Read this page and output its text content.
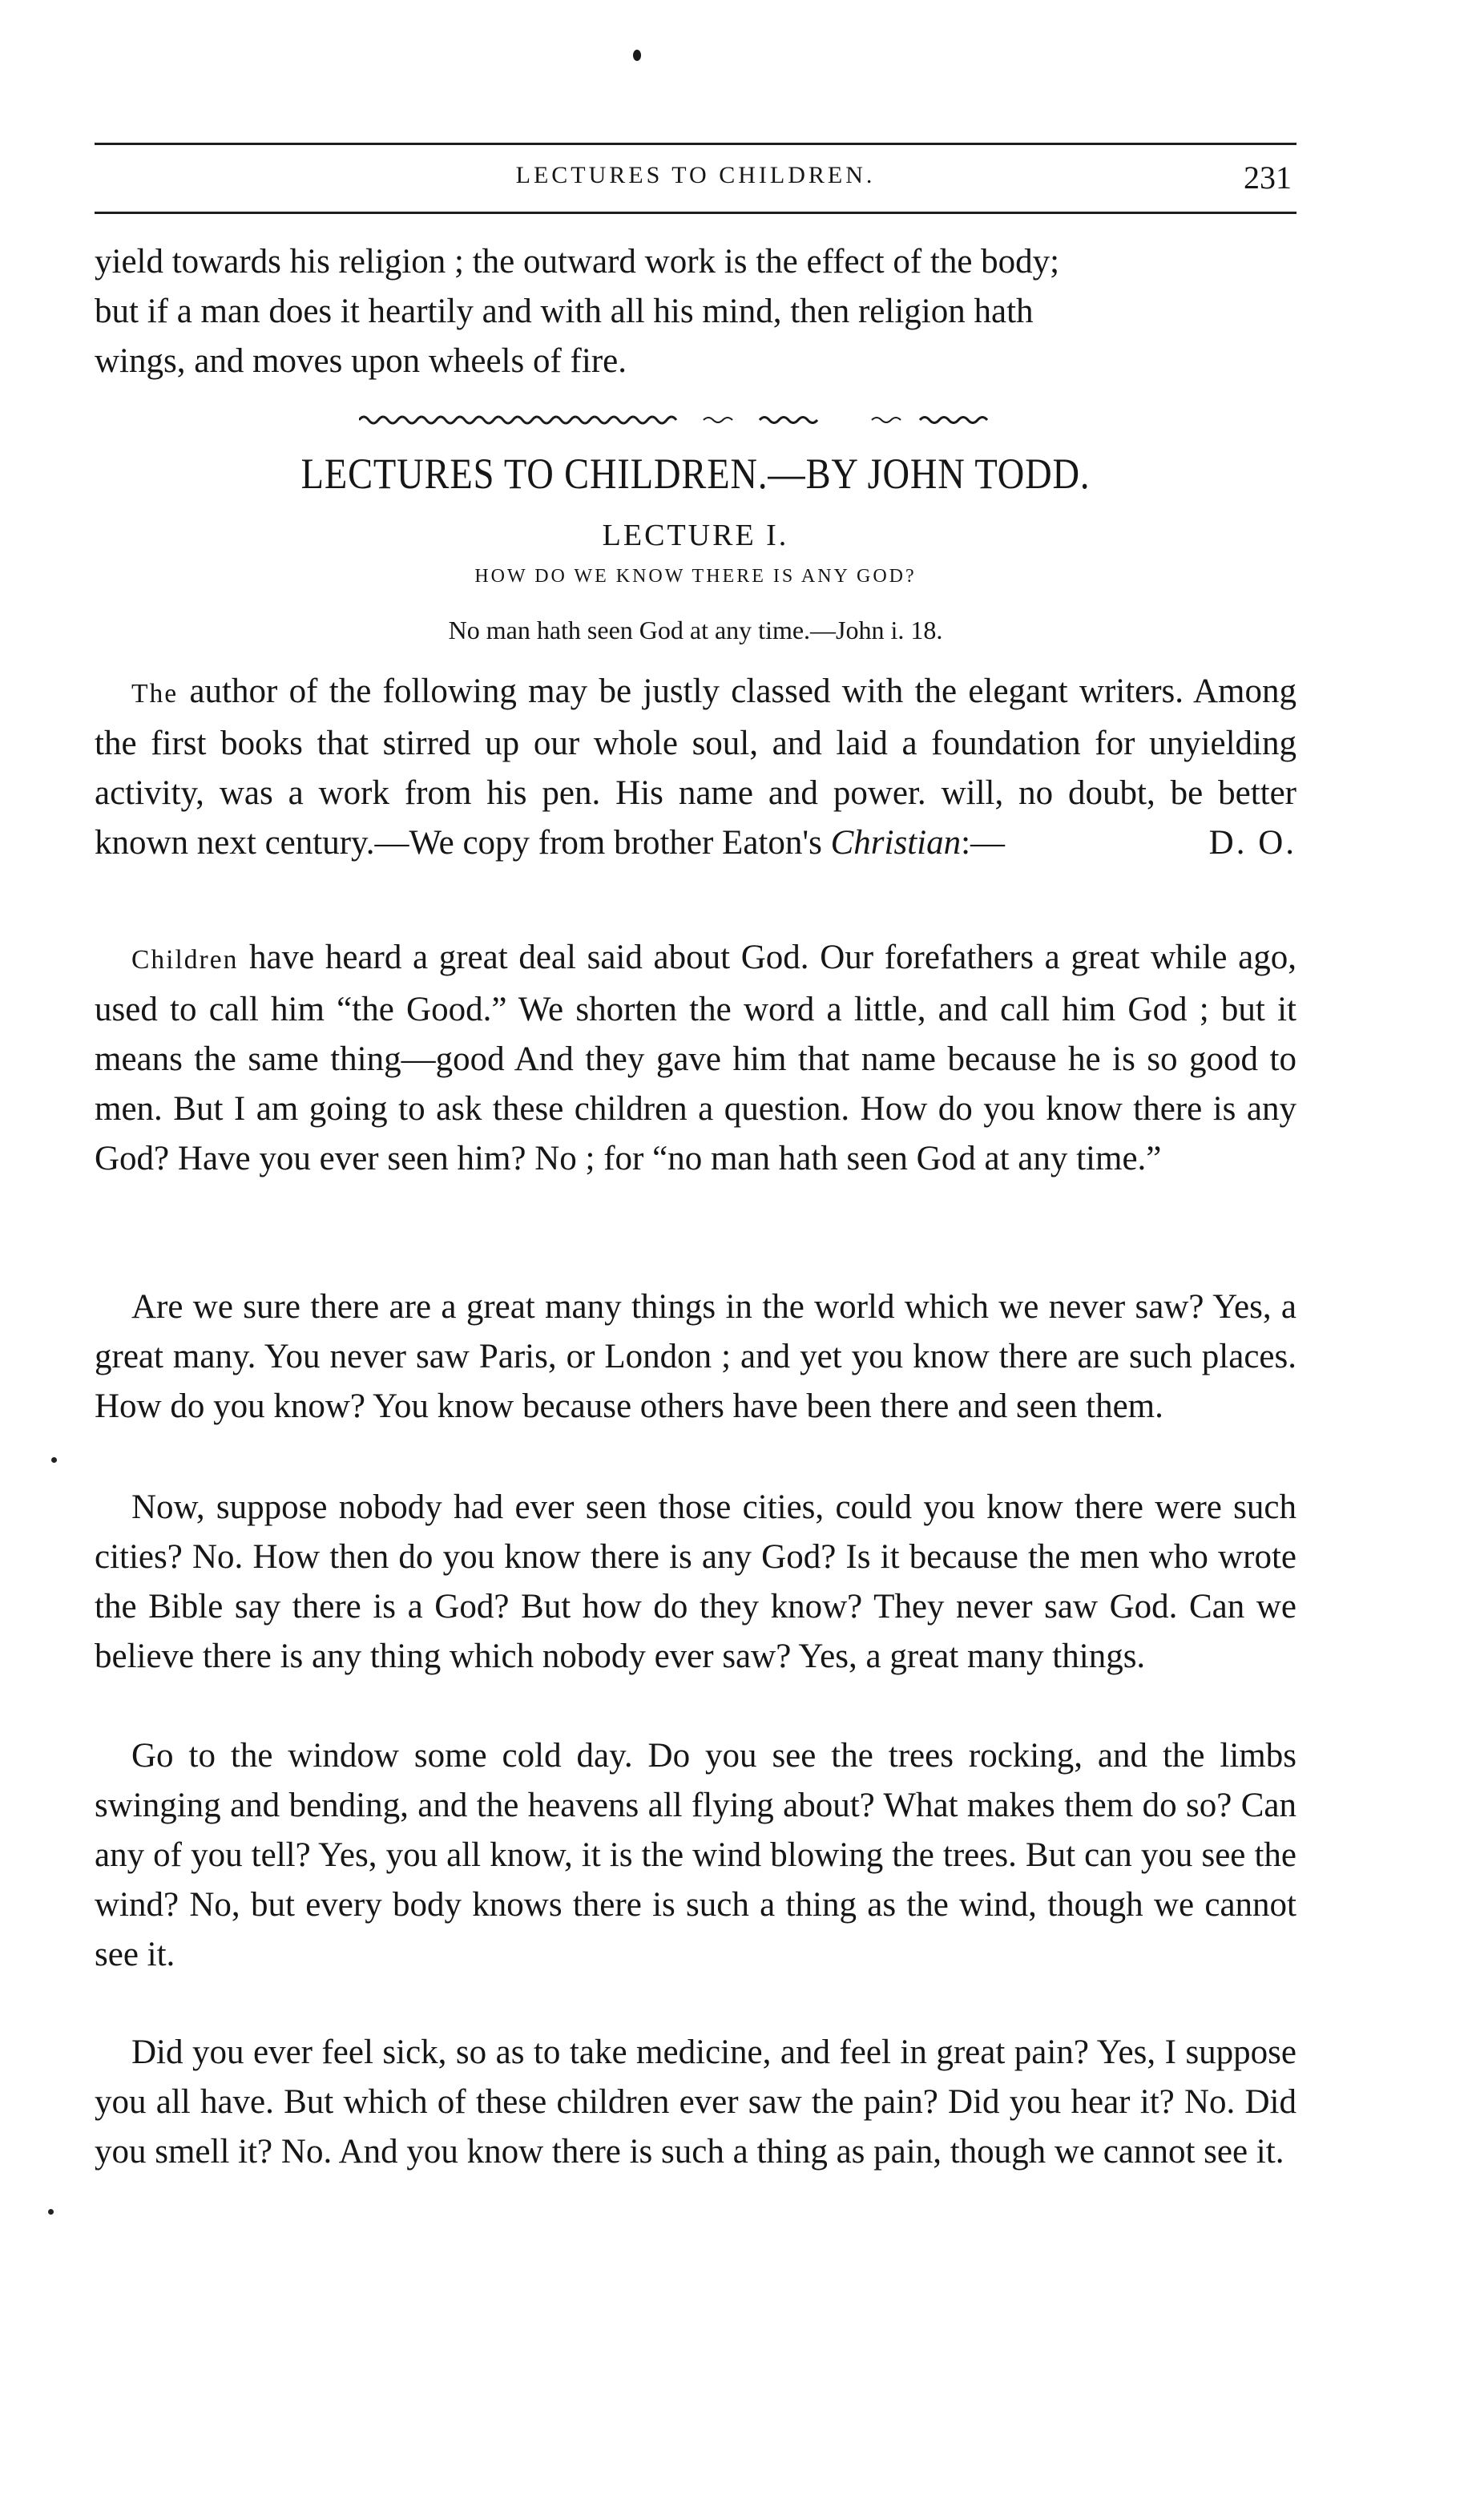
LECTURES TO CHILDREN.	231
yield towards his religion ; the outward work is the effect of the body;
but if a man does it heartily and with all his mind, then religion hath
wings, and moves upon wheels of fire.
LECTURES TO CHILDREN.—BY JOHN TODD.
LECTURE I.
HOW DO WE KNOW THERE IS ANY GOD?
No man hath seen God at any time.—John i. 18.

The author of the following may be justly classed with the elegant writers. Among the first books that stirred up our whole soul, and laid a foundation for unyielding activity, was a work from his pen. His name and power. will, no doubt, be better known next century.—We copy from brother Eaton's Christian:—	D. O.

Children have heard a great deal said about God. Our forefathers a great while ago, used to call him “the Good.” We shorten the word a little, and call him God ; but it means the same thing—good And they gave him that name because he is so good to men. But I am going to ask these children a question. How do you know there is any God? Have you ever seen him? No ; for “no man hath seen God at any time.”

Are we sure there are a great many things in the world which we never saw? Yes, a great many. You never saw Paris, or London ; and yet you know there are such places. How do you know? You know because others have been there and seen them.

Now, suppose nobody had ever seen those cities, could you know there were such cities? No. How then do you know there is any God? Is it because the men who wrote the Bible say there is a God? But how do they know? They never saw God. Can we believe there is any thing which nobody ever saw? Yes, a great many things.

Go to the window some cold day. Do you see the trees rocking, and the limbs swinging and bending, and the heavens all flying about? What makes them do so? Can any of you tell? Yes, you all know, it is the wind blowing the trees. But can you see the wind? No, but every body knows there is such a thing as the wind, though we cannot see it.

Did you ever feel sick, so as to take medicine, and feel in great pain? Yes, I suppose you all have. But which of these children ever saw the pain? Did you hear it? No. Did you smell it? No. And you know there is such a thing as pain, though we cannot see it.
